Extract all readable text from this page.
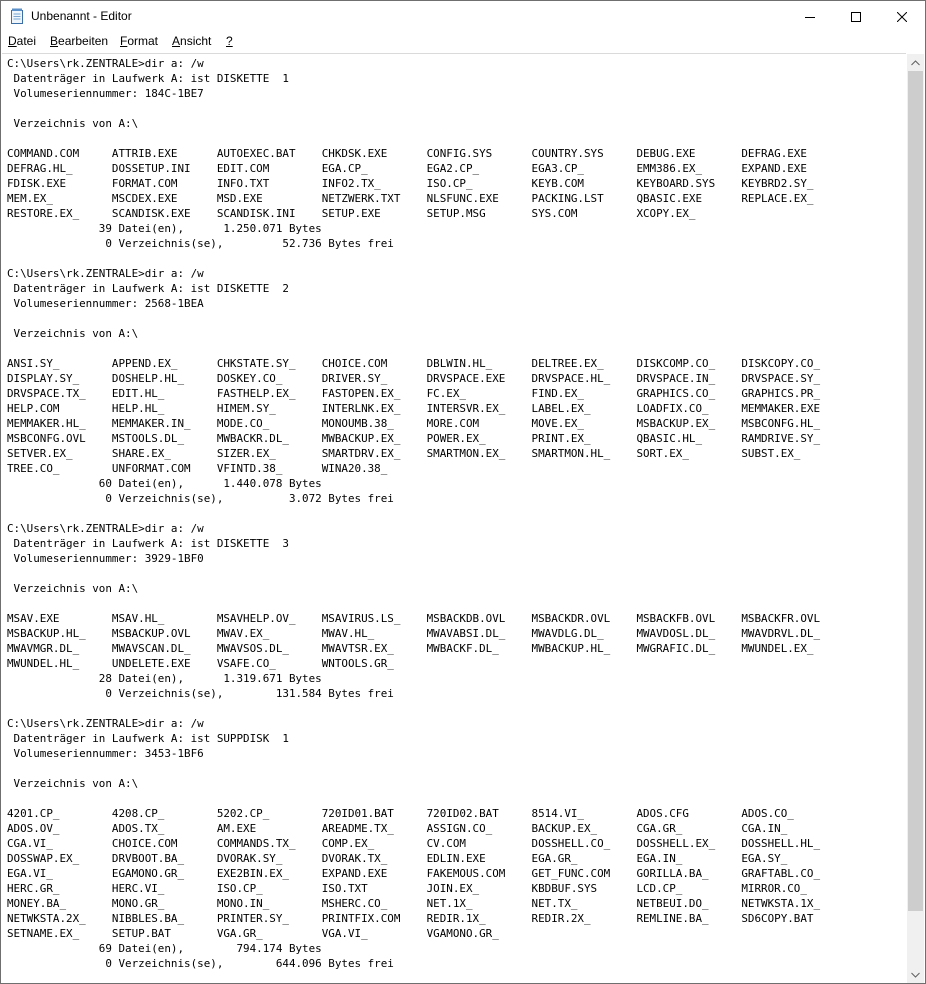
Unbenannt - Editor
Datei Bearbeiten Format Ansicht ?
C:\Users\rk.ZENTRALE>dir a: /w
Datenträger in Laufwerk A: ist DISKETTE  1
Volumeseriennummer: 184C-1BE7

Verzeichnis von A:\

COMMAND.COM     ATTRIB.EXE      AUTOEXEC.BAT    CHKDSK.EXE      CONFIG.SYS      COUNTRY.SYS     DEBUG.EXE       DEFRAG.EXE
DEFRAG.HL_      DOSSETUP.INI    EDIT.COM        EGA.CP_         EGA2.CP_        EGA3.CP_        EMM386.EX_      EXPAND.EXE
FDISK.EXE       FORMAT.COM      INFO.TXT        INFO2.TX_       ISO.CP_         KEYB.COM        KEYBOARD.SYS    KEYBRD2.SY_
MEM.EX_         MSCDEX.EXE      MSD.EXE         NETZWERK.TXT    NLSFUNC.EXE     PACKING.LST     QBASIC.EXE      REPLACE.EX_
RESTORE.EX_     SCANDISK.EXE    SCANDISK.INI    SETUP.EXE       SETUP.MSG       SYS.COM         XCOPY.EX_
39 Datei(en),      1.250.071 Bytes
0 Verzeichnis(se),         52.736 Bytes frei

C:\Users\rk.ZENTRALE>dir a: /w
Datenträger in Laufwerk A: ist DISKETTE  2
Volumeseriennummer: 2568-1BEA

Verzeichnis von A:\

ANSI.SY_        APPEND.EX_      CHKSTATE.SY_    CHOICE.COM      DBLWIN.HL_      DELTREE.EX_     DISKCOMP.CO_    DISKCOPY.CO_
DISPLAY.SY_     DOSHELP.HL_     DOSKEY.CO_      DRIVER.SY_      DRVSPACE.EXE    DRVSPACE.HL_    DRVSPACE.IN_    DRVSPACE.SY_
DRVSPACE.TX_    EDIT.HL_        FASTHELP.EX_    FASTOPEN.EX_    FC.EX_          FIND.EX_        GRAPHICS.CO_    GRAPHICS.PR_
HELP.COM        HELP.HL_        HIMEM.SY_       INTERLNK.EX_    INTERSVR.EX_    LABEL.EX_       LOADFIX.CO_     MEMMAKER.EXE
MEMMAKER.HL_    MEMMAKER.IN_    MODE.CO_        MONOUMB.38_     MORE.COM        MOVE.EX_        MSBACKUP.EX_    MSBCONFG.HL_
MSBCONFG.OVL    MSTOOLS.DL_     MWBACKR.DL_     MWBACKUP.EX_    POWER.EX_       PRINT.EX_       QBASIC.HL_      RAMDRIVE.SY_
SETVER.EX_      SHARE.EX_       SIZER.EX_       SMARTDRV.EX_    SMARTMON.EX_    SMARTMON.HL_    SORT.EX_        SUBST.EX_
TREE.CO_        UNFORMAT.COM    VFINTD.38_      WINA20.38_
60 Datei(en),      1.440.078 Bytes
0 Verzeichnis(se),          3.072 Bytes frei

C:\Users\rk.ZENTRALE>dir a: /w
Datenträger in Laufwerk A: ist DISKETTE  3
Volumeseriennummer: 3929-1BF0

Verzeichnis von A:\

MSAV.EXE        MSAV.HL_        MSAVHELP.OV_    MSAVIRUS.LS_    MSBACKDB.OVL    MSBACKDR.OVL    MSBACKFB.OVL    MSBACKFR.OVL
MSBACKUP.HL_    MSBACKUP.OVL    MWAV.EX_        MWAV.HL_        MWAVABSI.DL_    MWAVDLG.DL_     MWAVDOSL.DL_    MWAVDRVL.DL_
MWAVMGR.DL_     MWAVSCAN.DL_    MWAVSOS.DL_     MWAVTSR.EX_     MWBACKF.DL_     MWBACKUP.HL_    MWGRAFIC.DL_    MWUNDEL.EX_
MWUNDEL.HL_     UNDELETE.EXE    VSAFE.CO_       WNTOOLS.GR_
28 Datei(en),      1.319.671 Bytes
0 Verzeichnis(se),        131.584 Bytes frei

C:\Users\rk.ZENTRALE>dir a: /w
Datenträger in Laufwerk A: ist SUPPDISK  1
Volumeseriennummer: 3453-1BF6

Verzeichnis von A:\

4201.CP_        4208.CP_        5202.CP_        720ID01.BAT     720ID02.BAT     8514.VI_        ADOS.CFG        ADOS.CO_
ADOS.OV_        ADOS.TX_        AM.EXE          AREADME.TX_     ASSIGN.CO_      BACKUP.EX_      CGA.GR_         CGA.IN_
CGA.VI_         CHOICE.COM      COMMANDS.TX_    COMP.EX_        CV.COM          DOSSHELL.CO_    DOSSHELL.EX_    DOSSHELL.HL_
DOSSWAP.EX_     DRVBOOT.BA_     DVORAK.SY_      DVORAK.TX_      EDLIN.EXE       EGA.GR_         EGA.IN_         EGA.SY_
EGA.VI_         EGAMONO.GR_     EXE2BIN.EX_     EXPAND.EXE      FAKEMOUS.COM    GET_FUNC.COM    GORILLA.BA_     GRAFTABL.CO_
HERC.GR_        HERC.VI_        ISO.CP_         ISO.TXT         JOIN.EX_        KBDBUF.SYS      LCD.CP_         MIRROR.CO_
MONEY.BA_       MONO.GR_        MONO.IN_        MSHERC.CO_      NET.1X_         NET.TX_         NETBEUI.DO_     NETWKSTA.1X_
NETWKSTA.2X_    NIBBLES.BA_     PRINTER.SY_     PRINTFIX.COM    REDIR.1X_       REDIR.2X_       REMLINE.BA_     SD6COPY.BAT
SETNAME.EX_     SETUP.BAT       VGA.GR_         VGA.VI_         VGAMONO.GR_
69 Datei(en),        794.174 Bytes
0 Verzeichnis(se),        644.096 Bytes frei
